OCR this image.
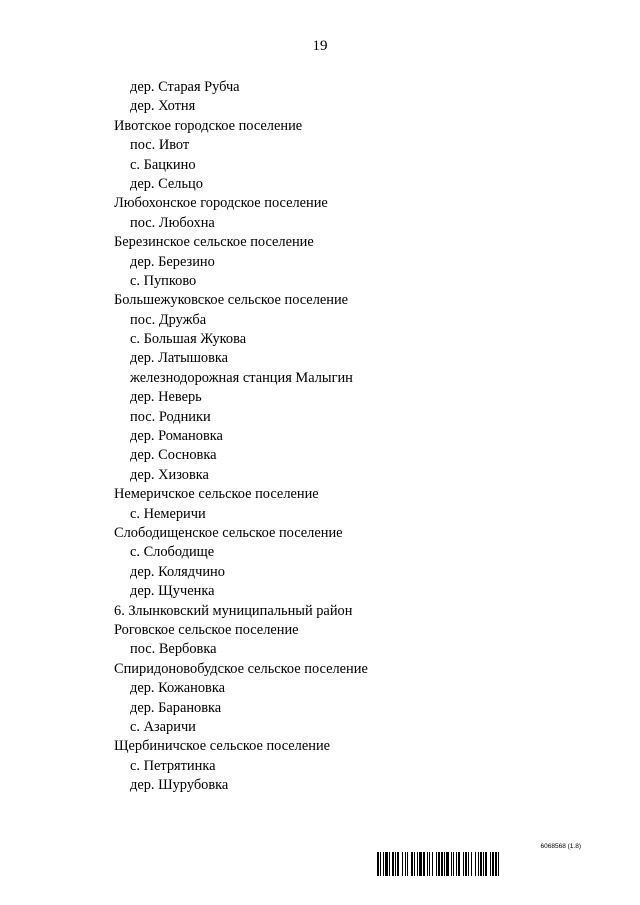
19
дер. Старая Рубча
дер. Хотня
Ивотское городское поселение
пос. Ивот
с. Бацкино
дер. Сельцо
Любохонское городское поселение
пос. Любохна
Березинское сельское поселение
дер. Березино
с. Пупково
Большежуковское сельское поселение
пос. Дружба
с. Большая Жукова
дер. Латышовка
железнодорожная станция Малыгин
дер. Неверь
пос. Родники
дер. Романовка
дер. Сосновка
дер. Хизовка
Немеричское сельское поселение
с. Немеричи
Слободищенское сельское поселение
с. Слободище
дер. Колядчино
дер. Щученка
6. Злынковский муниципальный район
Роговское сельское поселение
пос. Вербовка
Спиридоновобудское сельское поселение
дер. Кожановка
дер. Барановка
с. Азаричи
Щербиничское сельское поселение
с. Петрятинка
дер. Шурубовка
6068568 (1.8)
